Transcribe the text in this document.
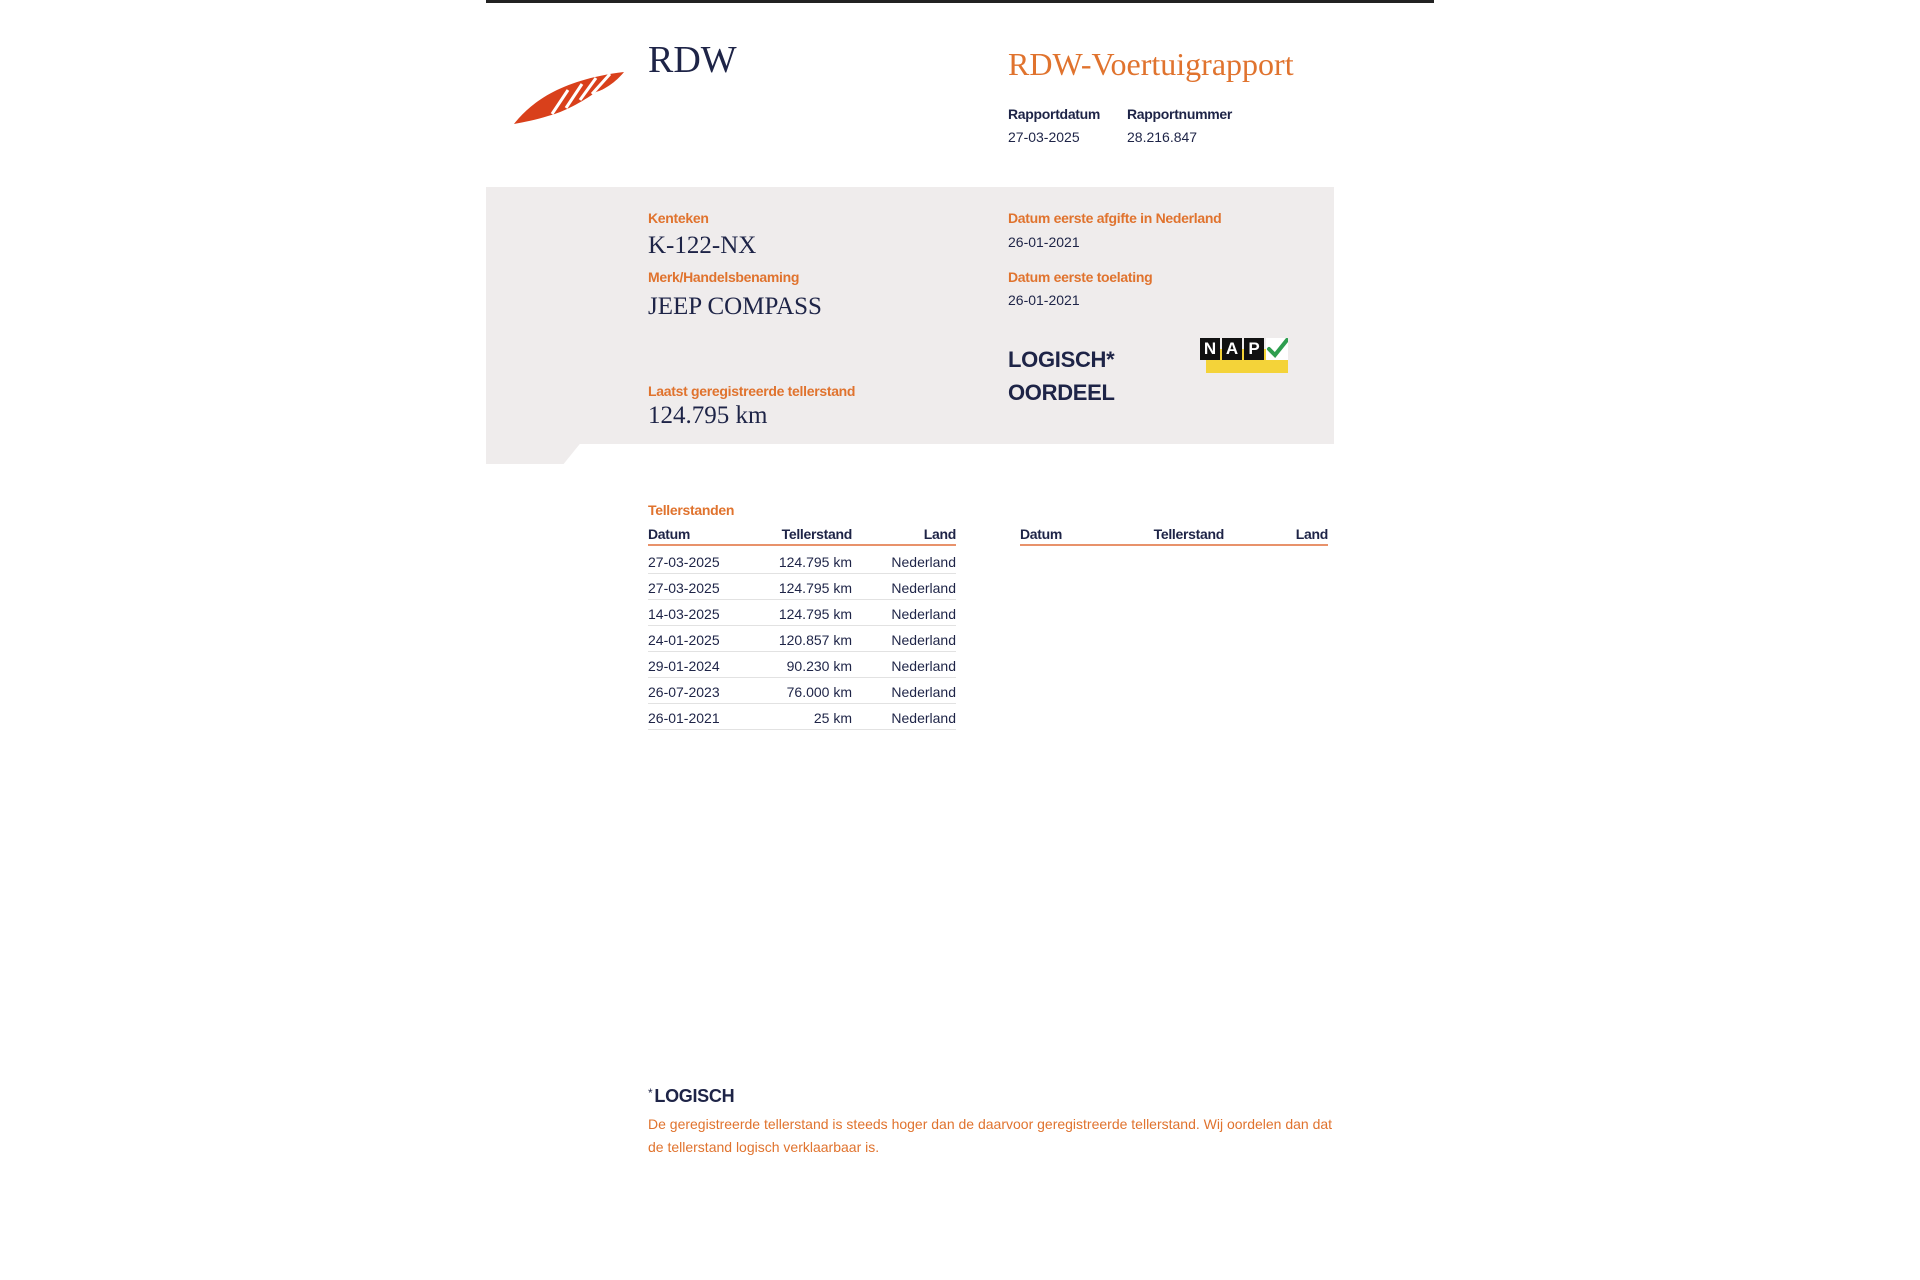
RDW	RDW-Voertuigrapport
Rapportdatum
27-03-2025
Rapportnummer
28.216.847
Kenteken
K-122-NX
Merk/Handelsbenaming
JEEP COMPASS
Laatst geregistreerde tellerstand
124.795 km
Datum eerste afgifte in Nederland
26-01-2021
Datum eerste toelating
26-01-2021
LOGISCH*
OORDEEL
N A P
Tellerstanden
Datum	Tellerstand	Land	Datum	Tellerstand	Land
27-03-2025	124.795 km	Nederland
27-03-2025	124.795 km	Nederland
14-03-2025	124.795 km	Nederland
24-01-2025	120.857 km	Nederland
29-01-2024	90.230 km	Nederland
26-07-2023	76.000 km	Nederland
26-01-2021	25 km	Nederland
* LOGISCH
De geregistreerde tellerstand is steeds hoger dan de daarvoor geregistreerde tellerstand. Wij oordelen dan dat de tellerstand logisch verklaarbaar is.
